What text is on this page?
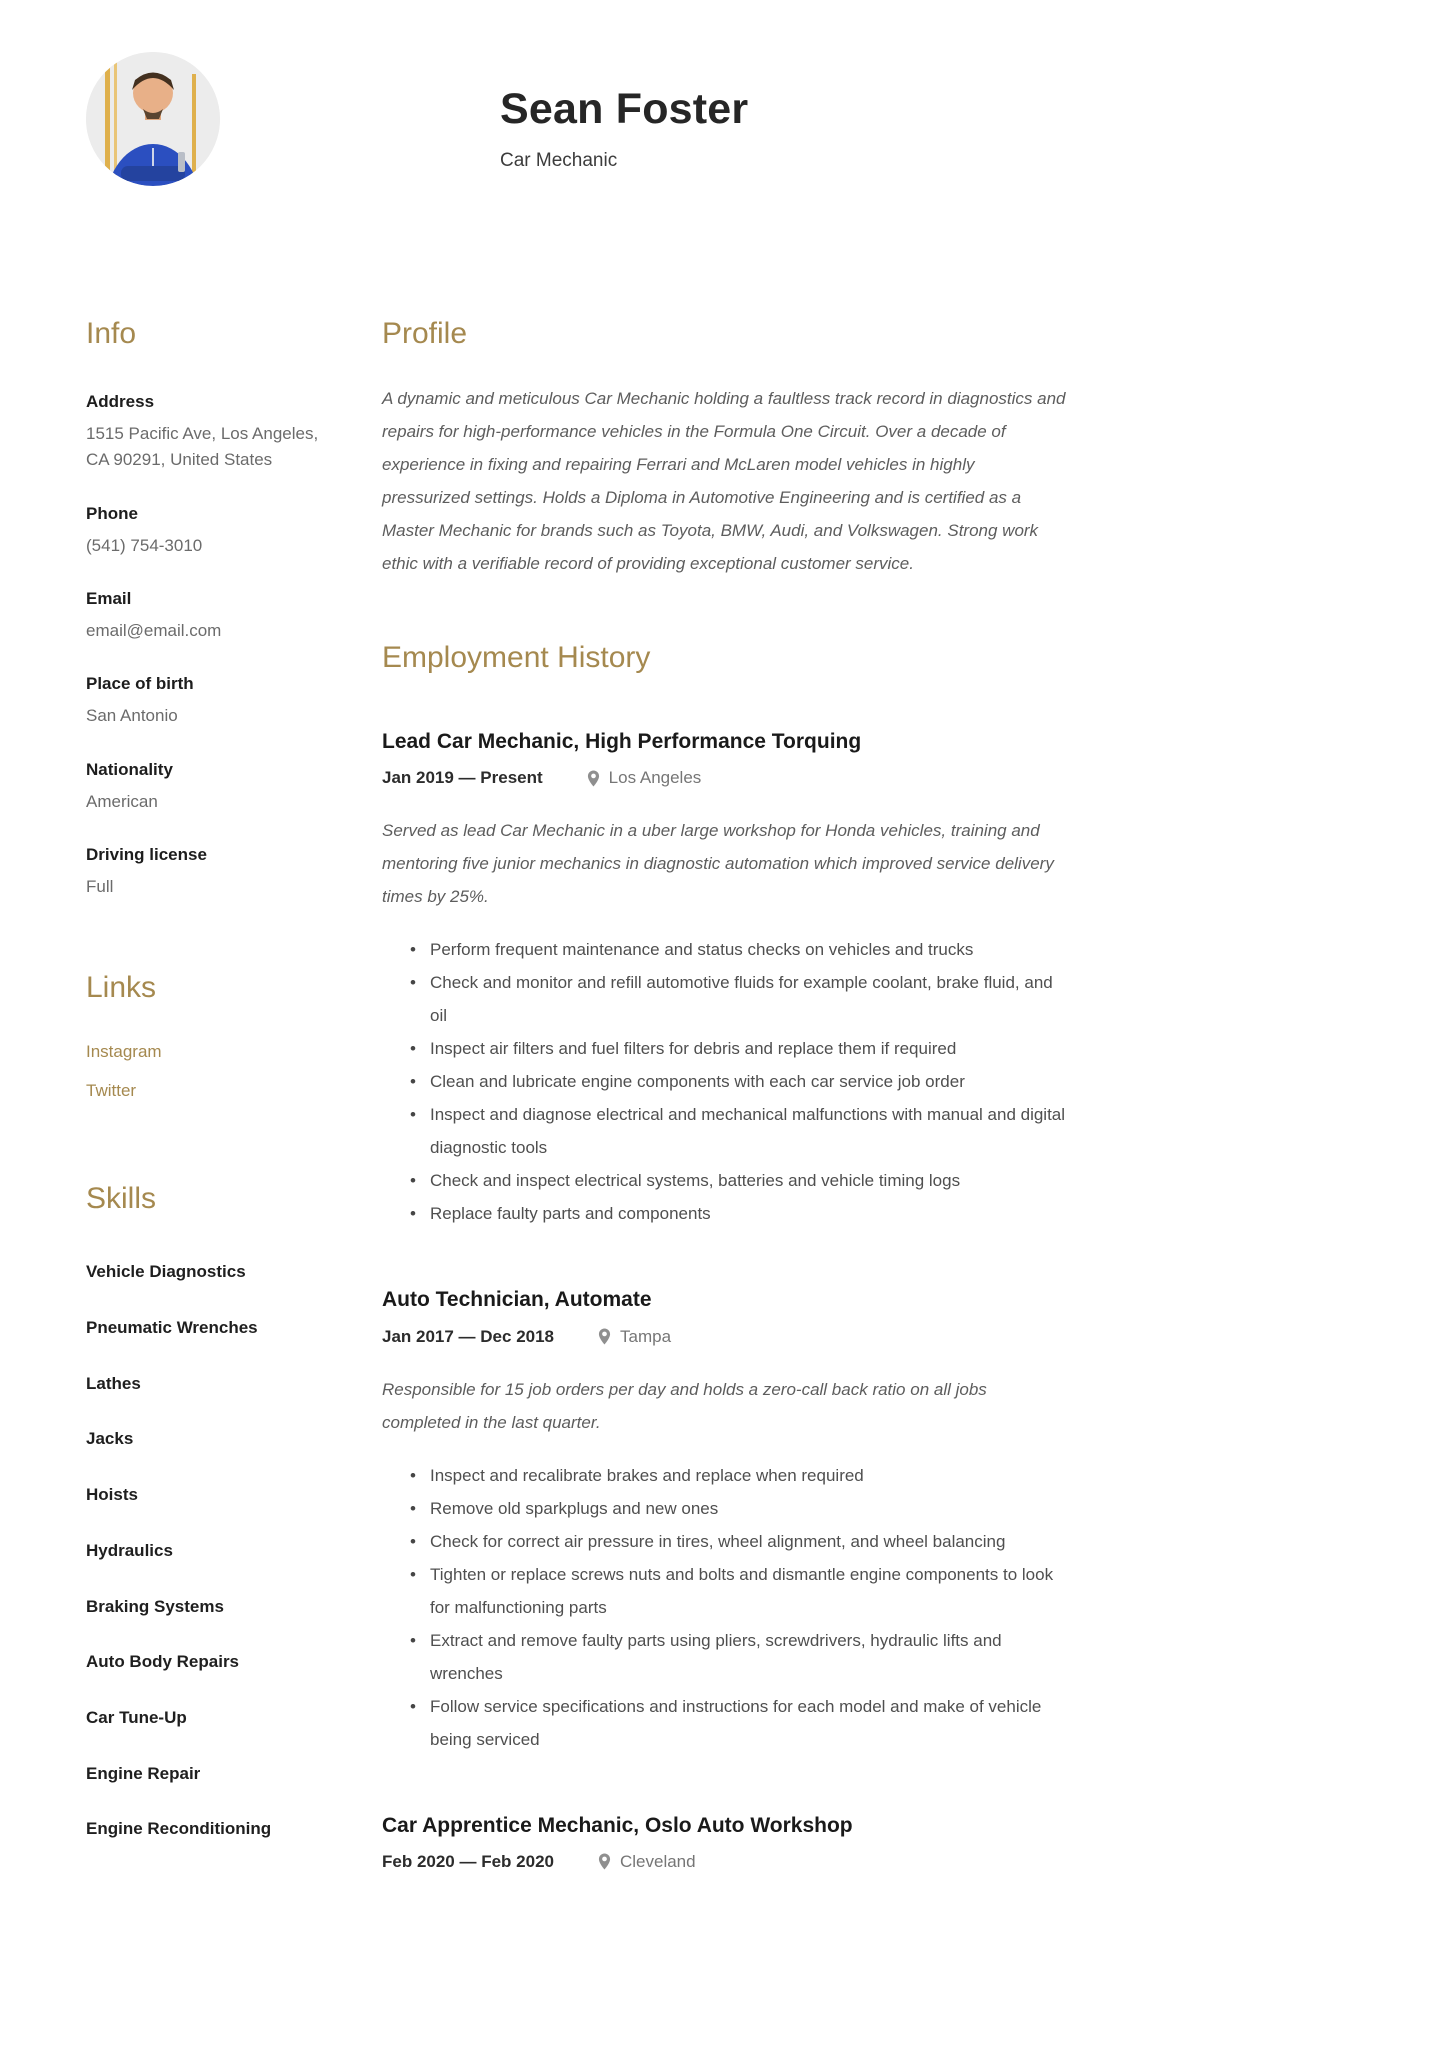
Sean Foster
Car Mechanic
Info
Address
1515 Pacific Ave, Los Angeles, CA 90291, United States
Phone
(541) 754-3010
Email
email@email.com
Place of birth
San Antonio
Nationality
American
Driving license
Full
Links
Instagram
Twitter
Skills
Vehicle Diagnostics
Pneumatic Wrenches
Lathes
Jacks
Hoists
Hydraulics
Braking Systems
Auto Body Repairs
Car Tune-Up
Engine Repair
Engine Reconditioning
Profile

A dynamic and meticulous Car Mechanic holding a faultless track record in diagnostics and repairs for high-performance vehicles in the Formula One Circuit. Over a decade of experience in fixing and repairing Ferrari and McLaren model vehicles in highly pressurized settings. Holds a Diploma in Automotive Engineering and is certified as a Master Mechanic for brands such as Toyota, BMW, Audi, and Volkswagen. Strong work ethic with a verifiable record of providing exceptional customer service.

Employment History
Lead Car Mechanic, High Performance Torquing
Jan 2019 — Present	Los Angeles

Served as lead Car Mechanic in a uber large workshop for Honda vehicles, training and mentoring five junior mechanics in diagnostic automation which improved service delivery times by 25%.

• Perform frequent maintenance and status checks on vehicles and trucks
• Check and monitor and refill automotive fluids for example coolant, brake fluid, and oil
• Inspect air filters and fuel filters for debris and replace them if required
• Clean and lubricate engine components with each car service job order
• Inspect and diagnose electrical and mechanical malfunctions with manual and digital diagnostic tools
• Check and inspect electrical systems, batteries and vehicle timing logs
• Replace faulty parts and components
Auto Technician, Automate
Jan 2017 — Dec 2018	Tampa

Responsible for 15 job orders per day and holds a zero-call back ratio on all jobs completed in the last quarter.

• Inspect and recalibrate brakes and replace when required
• Remove old sparkplugs and new ones
• Check for correct air pressure in tires, wheel alignment, and wheel balancing
• Tighten or replace screws nuts and bolts and dismantle engine components to look for malfunctioning parts
• Extract and remove faulty parts using pliers, screwdrivers, hydraulic lifts and wrenches
• Follow service specifications and instructions for each model and make of vehicle being serviced
Car Apprentice Mechanic, Oslo Auto Workshop
Feb 2020 — Feb 2020	Cleveland
